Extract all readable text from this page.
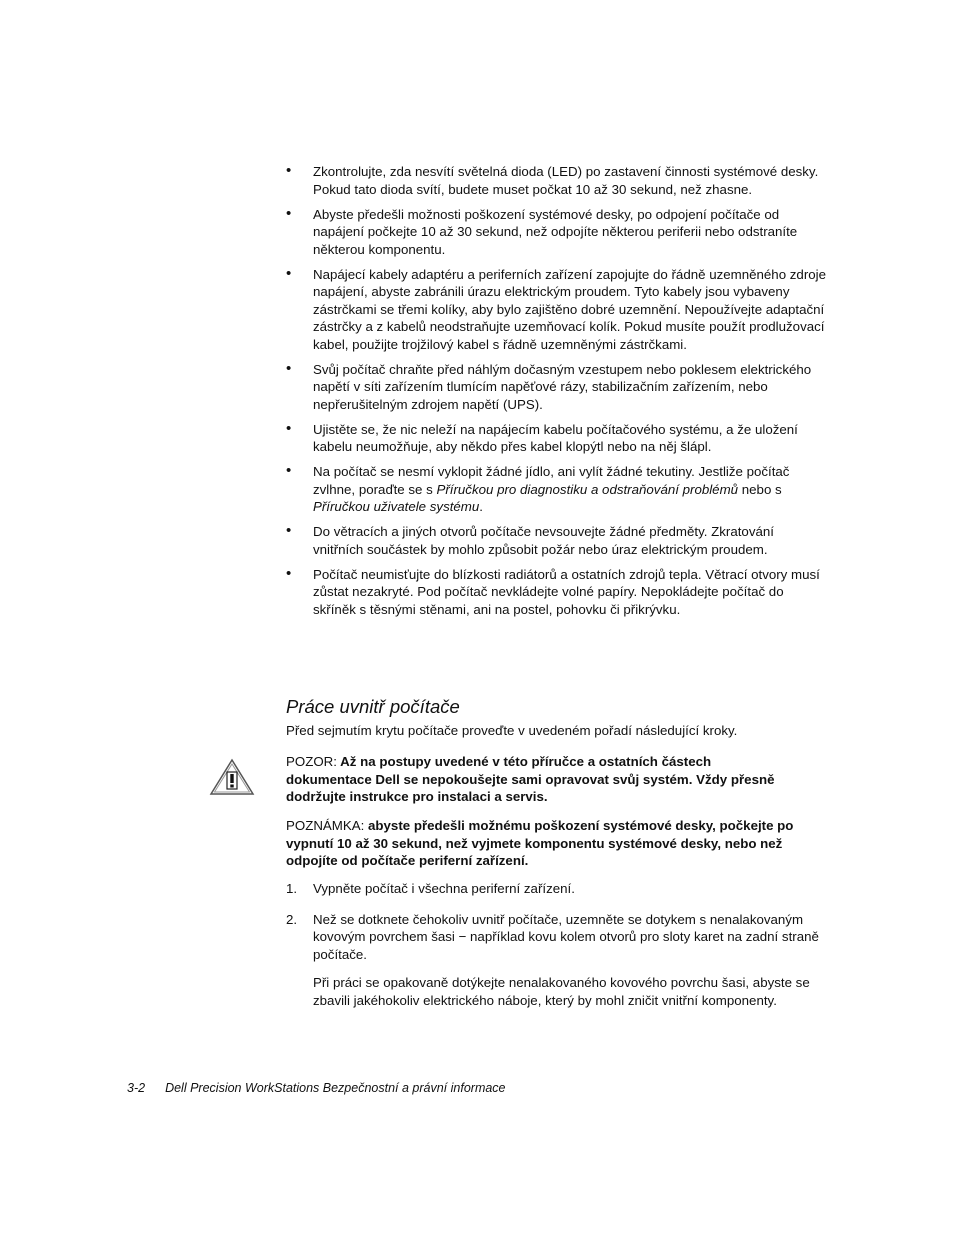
• Zkontrolujte, zda nesvítí světelná dioda (LED) po zastavení činnosti systémové desky. Pokud tato dioda svítí, budete muset počkat 10 až 30 sekund, než zhasne.

• Abyste předešli možnosti poškození systémové desky, po odpojení počítače od napájení počkejte 10 až 30 sekund, než odpojíte některou periferii nebo odstraníte některou komponentu.

• Napájecí kabely adaptéru a periferních zařízení zapojujte do řádně uzemněného zdroje napájení, abyste zabránili úrazu elektrickým proudem. Tyto kabely jsou vybaveny zástrčkami se třemi kolíky, aby bylo zajištěno dobré uzemnění. Nepoužívejte adaptační zástrčky a z kabelů neodstraňujte uzemňovací kolík. Pokud musíte použít prodlužovací kabel, použijte trojžilový kabel s řádně uzemněnými zástrčkami.

• Svůj počítač chraňte před náhlým dočasným vzestupem nebo poklesem elektrického napětí v síti zařízením tlumícím napěťové rázy, stabilizačním zařízením, nebo nepřerušitelným zdrojem napětí (UPS).

• Ujistěte se, že nic neleží na napájecím kabelu počítačového systému, a že uložení kabelu neumožňuje, aby někdo přes kabel klopýtl nebo na něj šlápl.

• Na počítač se nesmí vyklopit žádné jídlo, ani vylít žádné tekutiny. Jestliže počítač zvlhne, poraďte se s Příručkou pro diagnostiku a odstraňování problémů nebo s Příručkou uživatele systému.

• Do větracích a jiných otvorů počítače nevsouvejte žádné předměty. Zkratování vnitřních součástek by mohlo způsobit požár nebo úraz elektrickým proudem.

• Počítač neumisťujte do blízkosti radiátorů a ostatních zdrojů tepla. Větrací otvory musí zůstat nezakryté. Pod počítač nevkládejte volné papíry. Nepokládejte počítač do skříněk s těsnými stěnami, ani na postel, pohovku či přikrývku.

Práce uvnitř počítače

Před sejmutím krytu počítače proveďte v uvedeném pořadí následující kroky.

POZOR: Až na postupy uvedené v této příručce a ostatních částech dokumentace Dell se nepokoušejte sami opravovat svůj systém. Vždy přesně dodržujte instrukce pro instalaci a servis.

POZNÁMKA: abyste předešli možnému poškození systémové desky, počkejte po vypnutí 10 až 30 sekund, než vyjmete komponentu systémové desky, nebo než odpojíte od počítače periferní zařízení.

1. Vypněte počítač i všechna periferní zařízení.

2. Než se dotknete čehokoliv uvnitř počítače, uzemněte se dotykem s nenalakovaným kovovým povrchem šasi − například kovu kolem otvorů pro sloty karet na zadní straně počítače.

Při práci se opakovaně dotýkejte nenalakovaného kovového povrchu šasi, abyste se zbavili jakéhokoliv elektrického náboje, který by mohl zničit vnitřní komponenty.

3-2 Dell Precision WorkStations Bezpečnostní a právní informace
